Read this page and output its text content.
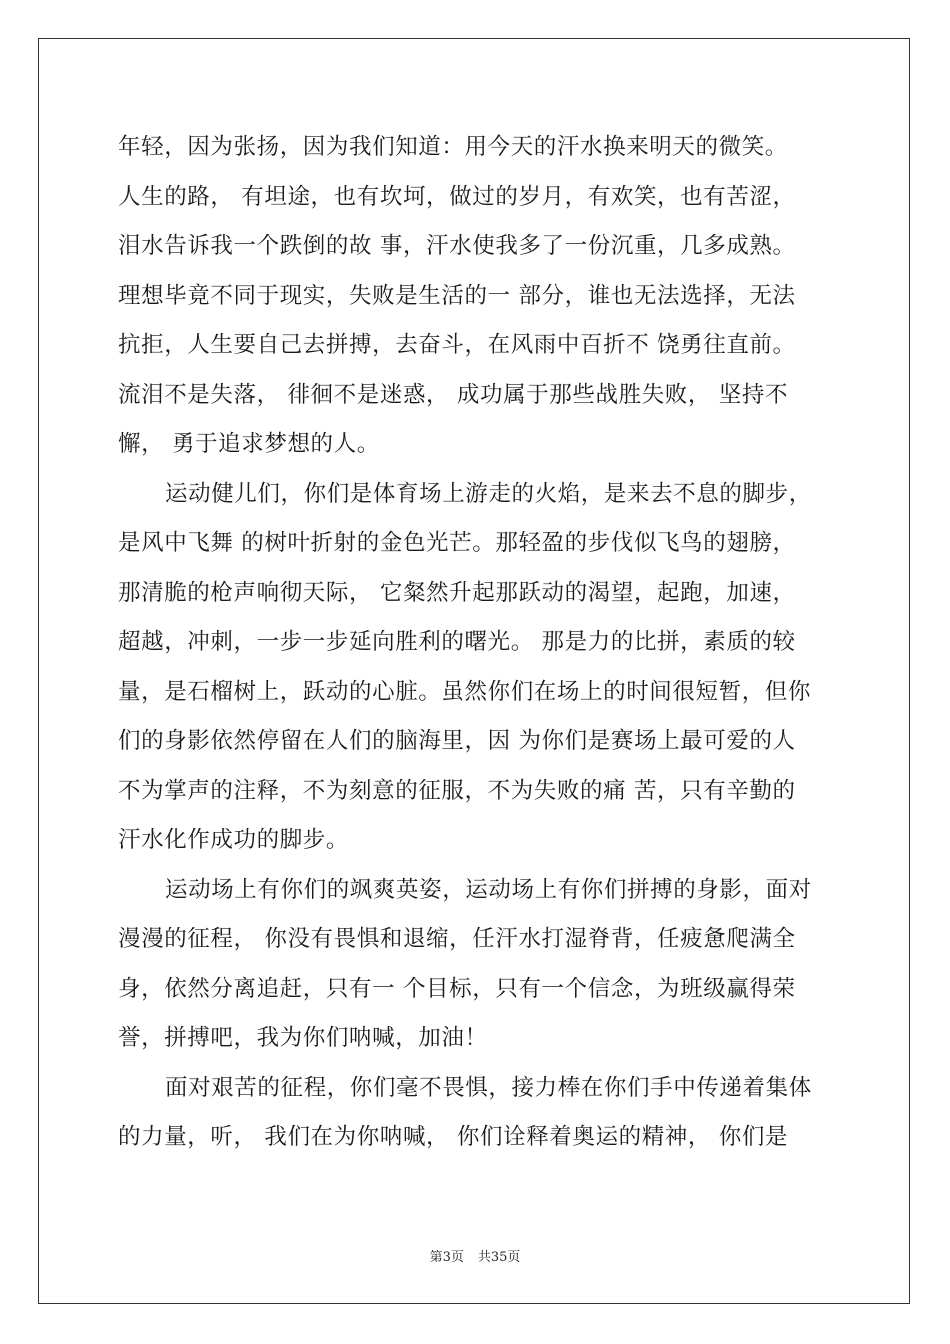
年轻，因为张扬，因为我们知道：用今天的汗水换来明天的微笑。
人生的路， 有坦途，也有坎坷，做过的岁月，有欢笑，也有苦涩，
泪水告诉我一个跌倒的故 事，汗水使我多了一份沉重，几多成熟。
理想毕竟不同于现实，失败是生活的一 部分，谁也无法选择，无法
抗拒，人生要自己去拼搏，去奋斗，在风雨中百折不 饶勇往直前。
流泪不是失落， 徘徊不是迷惑， 成功属于那些战胜失败， 坚持不
懈， 勇于追求梦想的人。
运动健儿们，你们是体育场上游走的火焰，是来去不息的脚步，
是风中飞舞 的树叶折射的金色光芒。那轻盈的步伐似飞鸟的翅膀，
那清脆的枪声响彻天际， 它粲然升起那跃动的渴望，起跑，加速，
超越，冲刺，一步一步延向胜利的曙光。 那是力的比拼，素质的较
量，是石榴树上，跃动的心脏。虽然你们在场上的时间很短暂，但你
们的身影依然停留在人们的脑海里，因 为你们是赛场上最可爱的人
不为掌声的注释，不为刻意的征服，不为失败的痛 苦，只有辛勤的
汗水化作成功的脚步。
运动场上有你们的飒爽英姿，运动场上有你们拼搏的身影，面对
漫漫的征程， 你没有畏惧和退缩，任汗水打湿脊背，任疲惫爬满全
身，依然分离追赶，只有一 个目标，只有一个信念，为班级赢得荣
誉，拼搏吧，我为你们呐喊，加油！
面对艰苦的征程，你们毫不畏惧，接力棒在你们手中传递着集体
的力量，听， 我们在为你呐喊， 你们诠释着奥运的精神， 你们是
第3页 共35页
